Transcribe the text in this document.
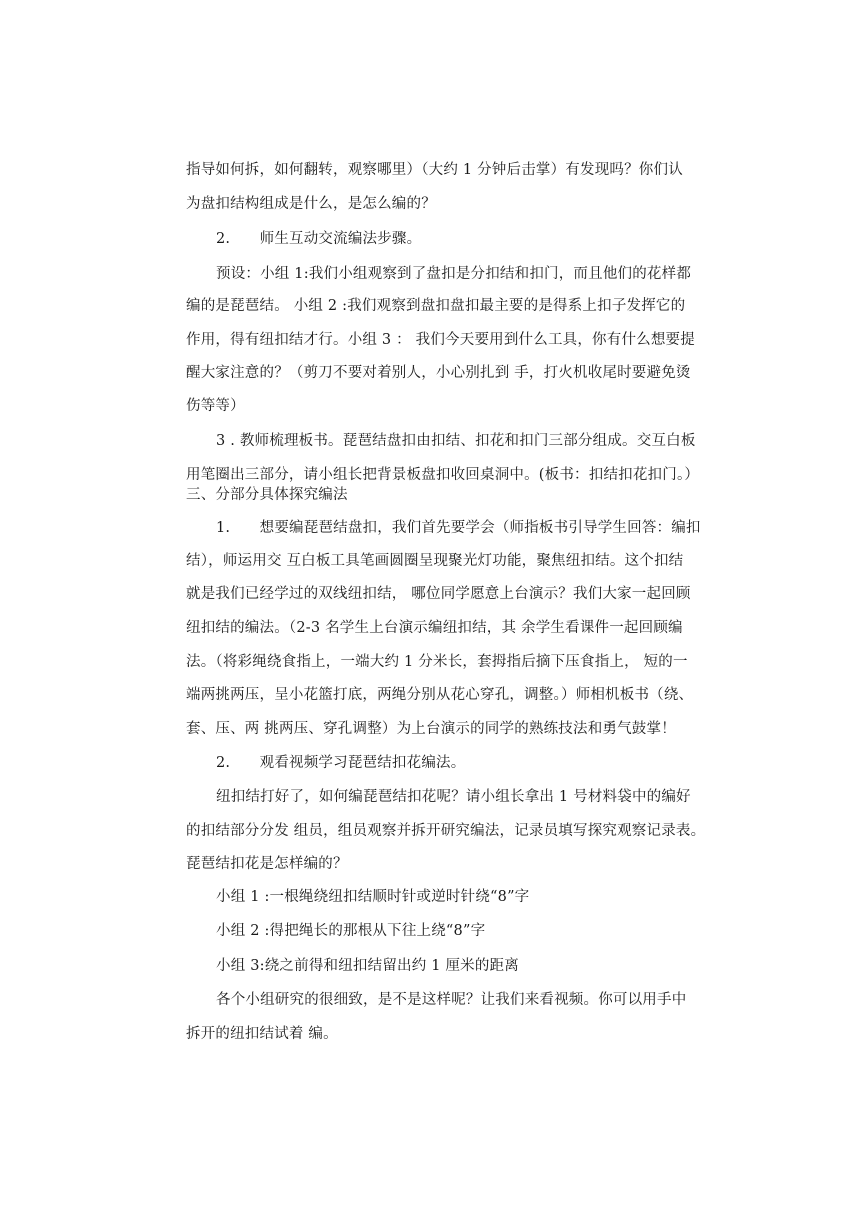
指导如何拆，如何翻转，观察哪里）（大约 1 分钟后击掌）有发现吗？你们认
为盘扣结构组成是什么，是怎么编的？
2.　　师生互动交流编法步骤。
预设：小组 1:我们小组观察到了盘扣是分扣结和扣门，而且他们的花样都
编的是琵琶结。 小组 2 :我们观察到盘扣盘扣最主要的是得系上扣子发挥它的
作用，得有纽扣结才行。小组 3 ： 我们今天要用到什么工具，你有什么想要提
醒大家注意的？（剪刀不要对着别人，小心别扎到 手，打火机收尾时要避免烫
伤等等）
3 . 教师梳理板书。琵琶结盘扣由扣结、扣花和扣门三部分组成。交互白板
用笔圈出三部分，请小组长把背景板盘扣收回桌洞中。(板书：扣结扣花扣门。）
三、分部分具体探究编法
1.　　想要编琵琶结盘扣，我们首先要学会（师指板书引导学生回答：编扣
结），师运用交 互白板工具笔画圆圈呈现聚光灯功能，聚焦纽扣结。这个扣结
就是我们已经学过的双线纽扣结， 哪位同学愿意上台演示？我们大家一起回顾
纽扣结的编法。（2-3 名学生上台演示编纽扣结，其 余学生看课件一起回顾编
法。（将彩绳绕食指上，一端大约 1 分米长，套拇指后摘下压食指上， 短的一
端两挑两压，呈小花篮打底，两绳分别从花心穿孔，调整。）师相机板书（绕、
套、压、两 挑两压、穿孔调整）为上台演示的同学的熟练技法和勇气鼓掌！
2.　　观看视频学习琵琶结扣花编法。
纽扣结打好了，如何编琵琶结扣花呢？请小组长拿出 1 号材料袋中的编好
的扣结部分分发 组员，组员观察并拆开研究编法，记录员填写探究观察记录表。
琵琶结扣花是怎样编的？
小组 1 :一根绳绕纽扣结顺时针或逆时针绕“8”字
小组 2 :得把绳长的那根从下往上绕“8”字
小组 3:绕之前得和纽扣结留出约 1 厘米的距离
各个小组研究的很细致，是不是这样呢？让我们来看视频。你可以用手中
拆开的纽扣结试着 编。
